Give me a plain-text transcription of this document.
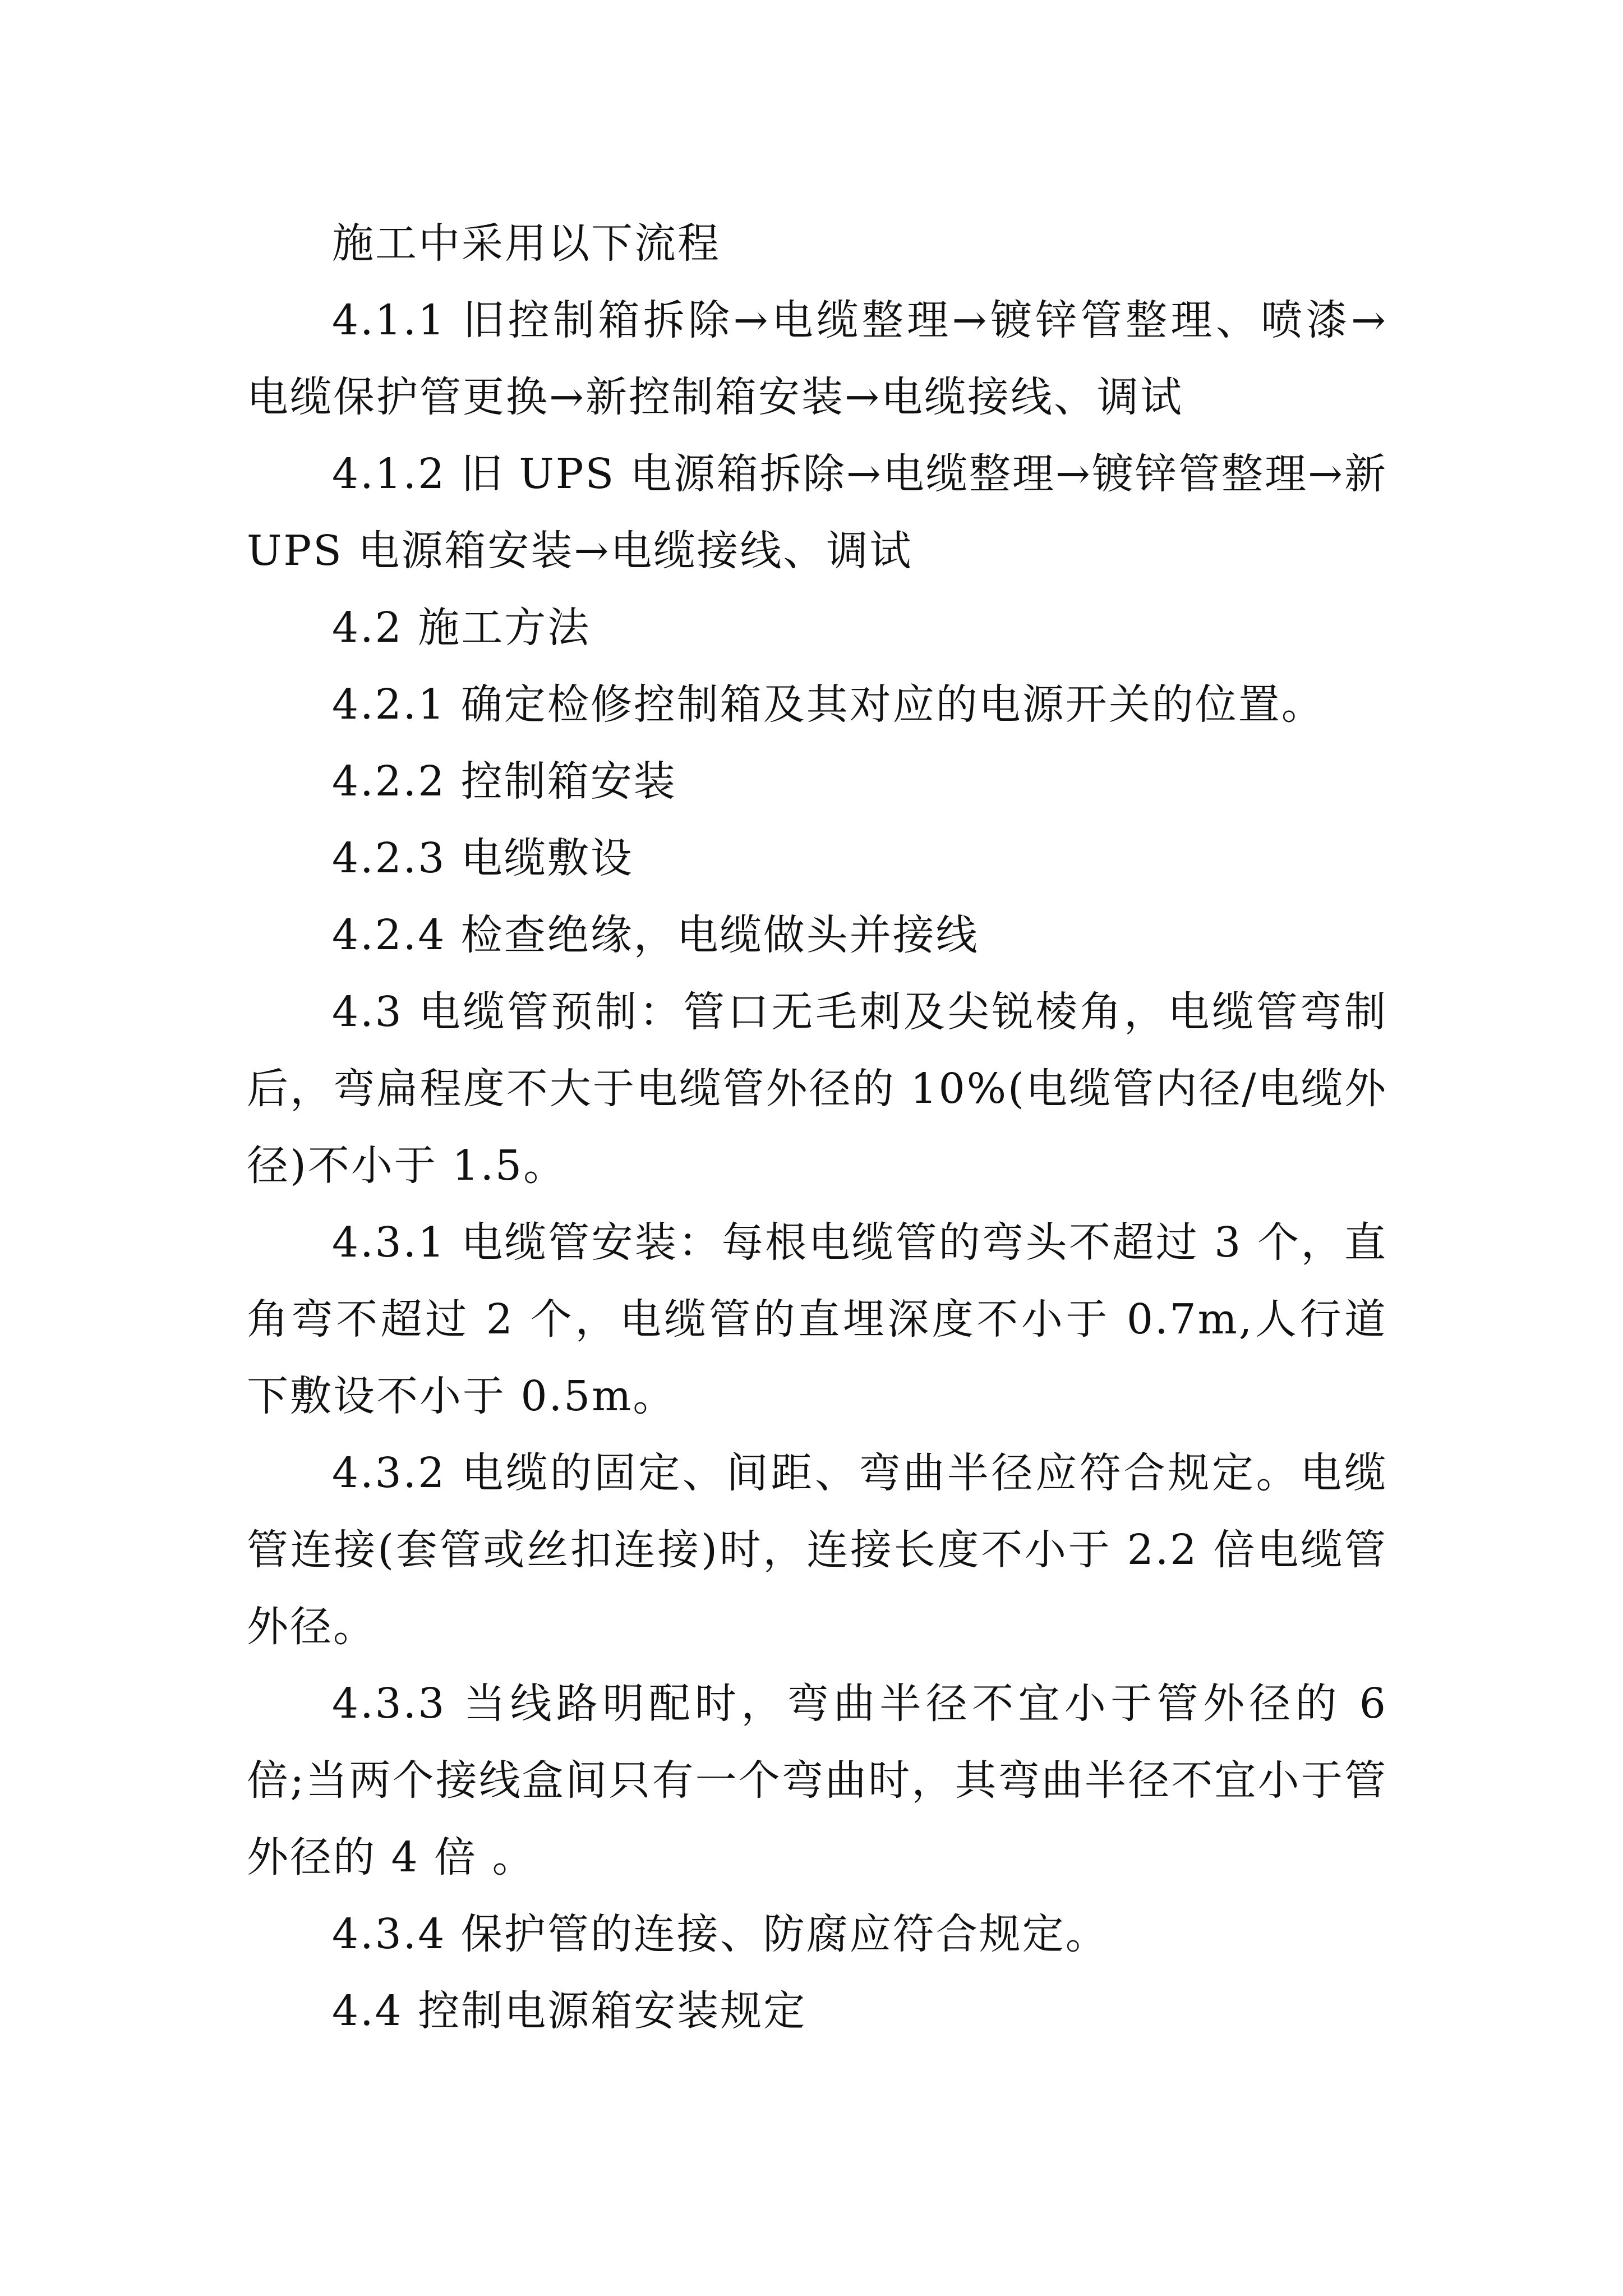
施工中采用以下流程

4.1.1 旧控制箱拆除→电缆整理→镀锌管整理、喷漆→电缆保护管更换→新控制箱安装→电缆接线、调试

4.1.2 旧 UPS 电源箱拆除→电缆整理→镀锌管整理→新 UPS 电源箱安装→电缆接线、调试

4.2 施工方法

4.2.1 确定检修控制箱及其对应的电源开关的位置。

4.2.2 控制箱安装

4.2.3 电缆敷设

4.2.4 检查绝缘，电缆做头并接线

4.3 电缆管预制：管口无毛刺及尖锐棱角，电缆管弯制后，弯扁程度不大于电缆管外径的 10%(电缆管内径/电缆外径)不小于 1.5。

4.3.1 电缆管安装：每根电缆管的弯头不超过 3 个，直角弯不超过 2 个，电缆管的直埋深度不小于 0.7m,人行道下敷设不小于 0.5m。

4.3.2 电缆的固定、间距、弯曲半径应符合规定。电缆管连接(套管或丝扣连接)时，连接长度不小于 2.2 倍电缆管外径。

4.3.3 当线路明配时，弯曲半径不宜小于管外径的 6 倍;当两个接线盒间只有一个弯曲时，其弯曲半径不宜小于管外径的 4 倍 。

4.3.4 保护管的连接、防腐应符合规定。

4.4 控制电源箱安装规定
